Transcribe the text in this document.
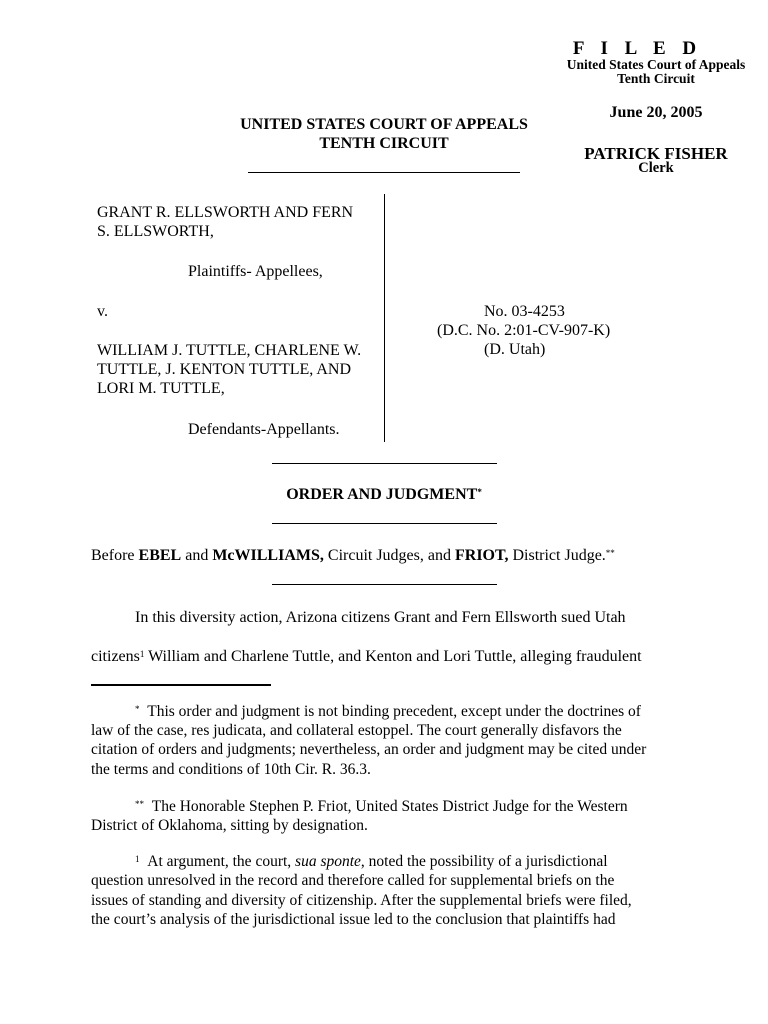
F I L E D
United States Court of Appeals
Tenth Circuit
June 20, 2005
PATRICK FISHER
Clerk
UNITED STATES COURT OF APPEALS
TENTH CIRCUIT
GRANT R. ELLSWORTH AND FERN
S. ELLSWORTH,
Plaintiffs- Appellees,
v.
WILLIAM J. TUTTLE, CHARLENE W.
TUTTLE, J. KENTON TUTTLE, AND
LORI M. TUTTLE,
Defendants-Appellants.
No. 03-4253
(D.C. No. 2:01-CV-907-K)
(D. Utah)
ORDER AND JUDGMENT*
Before EBEL and McWILLIAMS, Circuit Judges, and FRIOT, District Judge.**
In this diversity action, Arizona citizens Grant and Fern Ellsworth sued Utah
citizens$^1$ William and Charlene Tuttle, and Kenton and Lori Tuttle, alleging fraudulent
* This order and judgment is not binding precedent, except under the doctrines of
law of the case, res judicata, and collateral estoppel. The court generally disfavors the
citation of orders and judgments; nevertheless, an order and judgment may be cited under
the terms and conditions of 10th Cir. R. 36.3.
** The Honorable Stephen P. Friot, United States District Judge for the Western
District of Oklahoma, sitting by designation.
$^1$ At argument, the court, sua sponte, noted the possibility of a jurisdictional
question unresolved in the record and therefore called for supplemental briefs on the
issues of standing and diversity of citizenship. After the supplemental briefs were filed,
the court’s analysis of the jurisdictional issue led to the conclusion that plaintiffs had
